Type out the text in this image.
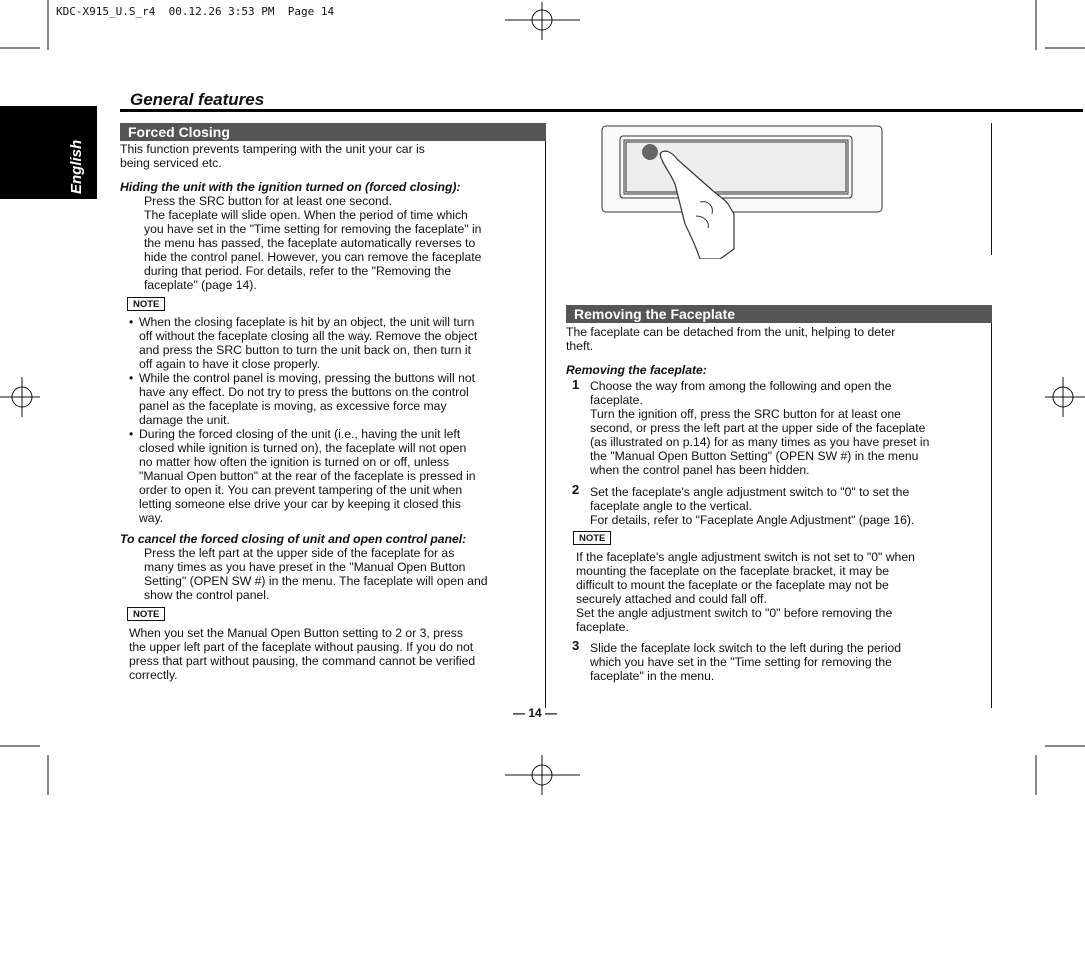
KDC-X915_U.S_r4  00.12.26 3:53 PM  Page 14
English
General features
Forced Closing
This function prevents tampering with the unit your car is
being serviced etc.
Hiding the unit with the ignition turned on (forced closing):
Press the SRC button for at least one second.
The faceplate will slide open. When the period of time which
you have set in the "Time setting for removing the faceplate" in
the menu has passed, the faceplate automatically reverses to
hide the control panel. However, you can remove the faceplate
during that period. For details, refer to the "Removing the
faceplate" (page 14).
NOTE
• When the closing faceplate is hit by an object, the unit will turn
off without the faceplate closing all the way. Remove the object
and press the SRC button to turn the unit back on, then turn it
off again to have it close properly.
• While the control panel is moving, pressing the buttons will not
have any effect. Do not try to press the buttons on the control
panel as the faceplate is moving, as excessive force may
damage the unit.
• During the forced closing of the unit (i.e., having the unit left
closed while ignition is turned on), the faceplate will not open
no matter how often the ignition is turned on or off, unless
"Manual Open button" at the rear of the faceplate is pressed in
order to open it. You can prevent tampering of the unit when
letting someone else drive your car by keeping it closed this
way.
To cancel the forced closing of unit and open control panel:
Press the left part at the upper side of the faceplate for as
many times as you have preset in the "Manual Open Button
Setting" (OPEN SW #) in the menu. The faceplate will open and
show the control panel.
NOTE
When you set the Manual Open Button setting to 2 or 3, press
the upper left part of the faceplate without pausing. If you do not
press that part without pausing, the command cannot be verified
correctly.
Removing the Faceplate
The faceplate can be detached from the unit, helping to deter
theft.
Removing the faceplate:
1 Choose the way from among the following and open the
faceplate.
Turn the ignition off, press the SRC button for at least one
second, or press the left part at the upper side of the faceplate
(as illustrated on p.14) for as many times as you have preset in
the "Manual Open Button Setting" (OPEN SW #) in the menu
when the control panel has been hidden.
2 Set the faceplate's angle adjustment switch to "0" to set the
faceplate angle to the vertical.
For details, refer to "Faceplate Angle Adjustment" (page 16).
NOTE
If the faceplate's angle adjustment switch is not set to "0" when
mounting the faceplate on the faceplate bracket, it may be
difficult to mount the faceplate or the faceplate may not be
securely attached and could fall off.
Set the angle adjustment switch to "0" before removing the
faceplate.
3 Slide the faceplate lock switch to the left during the period
which you have set in the "Time setting for removing the
faceplate" in the menu.
— 14 —
